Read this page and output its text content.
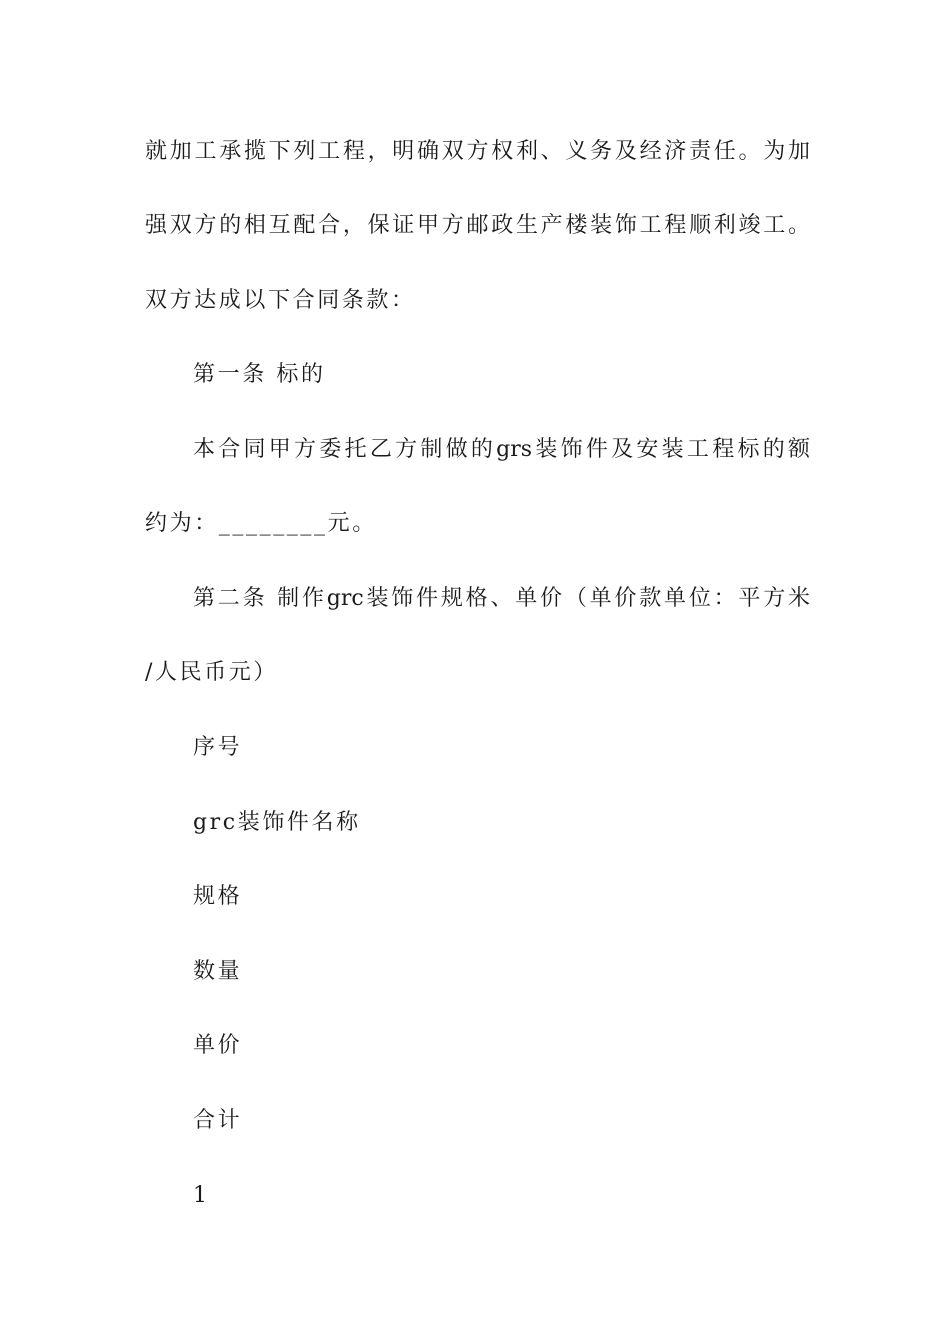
就加工承揽下列工程，明确双方权利、义务及经济责任。为加
强双方的相互配合，保证甲方邮政生产楼装饰工程顺利竣工。
双方达成以下合同条款：
第一条 标的
本合同甲方委托乙方制做的grs装饰件及安装工程标的额
约为：________元。
第二条 制作grc装饰件规格、单价（单价款单位：平方米
/人民币元）
序号
grc装饰件名称
规格
数量
单价
合计
1
